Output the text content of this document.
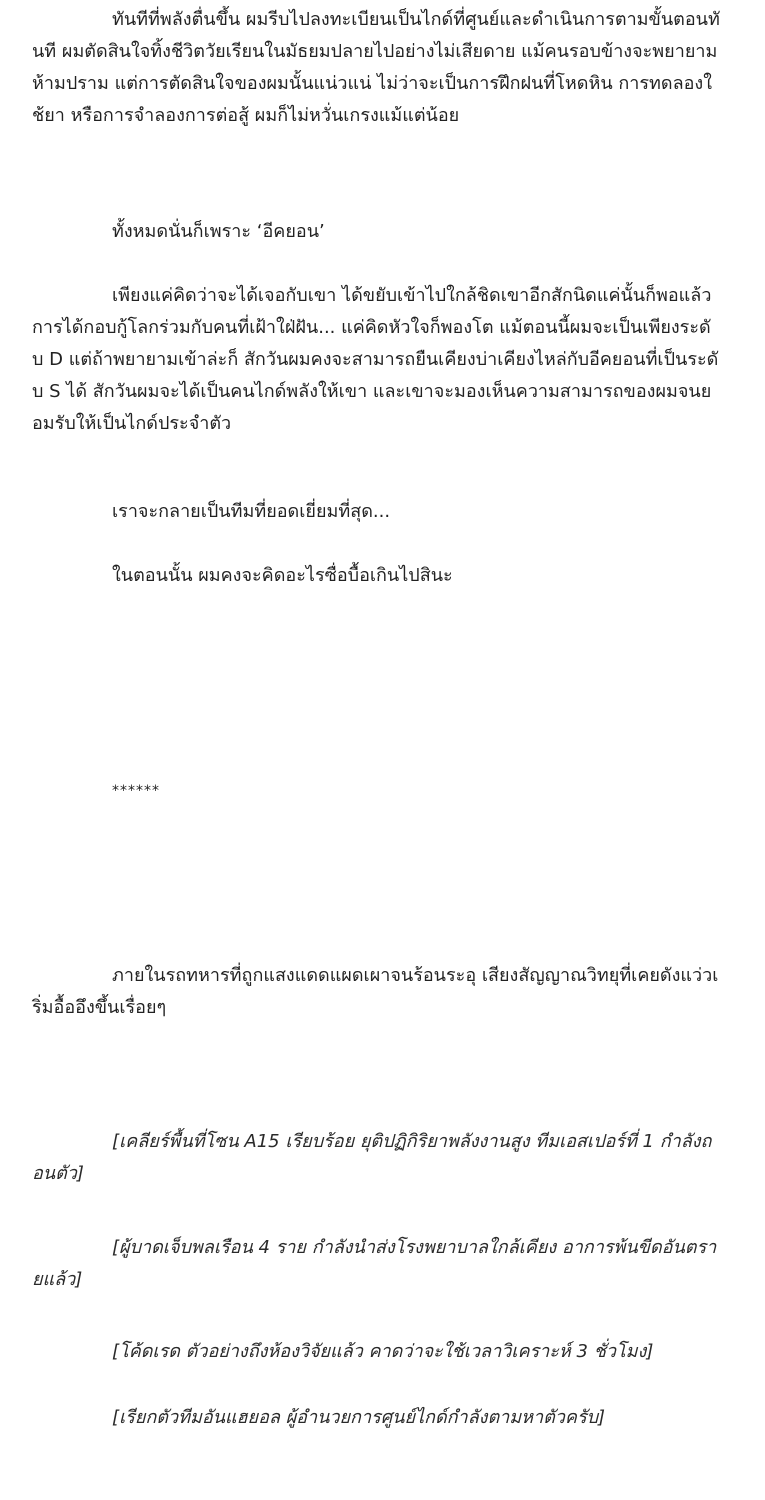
ทันทีที่พลังตื่นขึ้น ผมรีบไปลงทะเบียนเป็นไกด์ที่ศูนย์และดำเนินการตามขั้นตอนทันที ผมตัดสินใจทิ้งชีวิตวัยเรียนในมัธยมปลายไปอย่างไม่เสียดาย แม้คนรอบข้างจะพยายามห้ามปราม แต่การตัดสินใจของผมนั้นแน่วแน่ ไม่ว่าจะเป็นการฝึกฝนที่โหดหิน การทดลองใช้ยา หรือการจำลองการต่อสู้ ผมก็ไม่หวั่นเกรงแม้แต่น้อย

ทั้งหมดนั่นก็เพราะ ‘อีคยอน’

เพียงแค่คิดว่าจะได้เจอกับเขา ได้ขยับเข้าไปใกล้ชิดเขาอีกสักนิดแค่นั้นก็พอแล้ว การได้กอบกู้โลกร่วมกับคนที่เฝ้าใฝ่ฝัน... แค่คิดหัวใจก็พองโต แม้ตอนนี้ผมจะเป็นเพียงระดับ D แต่ถ้าพยายามเข้าล่ะก็ สักวันผมคงจะสามารถยืนเคียงบ่าเคียงไหล่กับอีคยอนที่เป็นระดับ S ได้ สักวันผมจะได้เป็นคนไกด์พลังให้เขา และเขาจะมองเห็นความสามารถของผมจนยอมรับให้เป็นไกด์ประจำตัว

เราจะกลายเป็นทีมที่ยอดเยี่ยมที่สุด...

ในตอนนั้น ผมคงจะคิดอะไรซื่อบื้อเกินไปสินะ

******

ภายในรถทหารที่ถูกแสงแดดแผดเผาจนร้อนระอุ เสียงสัญญาณวิทยุที่เคยดังแว่วเริ่มอื้ออึงขึ้นเรื่อยๆ

[เคลียร์พื้นที่โซน A15 เรียบร้อย ยุติปฏิกิริยาพลังงานสูง ทีมเอสเปอร์ที่ 1 กำลังถอนตัว]

[ผู้บาดเจ็บพลเรือน 4 ราย กำลังนำส่งโรงพยาบาลใกล้เคียง อาการพ้นขีดอันตรายแล้ว]

[โค้ดเรด ตัวอย่างถึงห้องวิจัยแล้ว คาดว่าจะใช้เวลาวิเคราะห์ 3 ชั่วโมง]

[เรียกตัวทีมอันแฮยอล ผู้อำนวยการศูนย์ไกด์กำลังตามหาตัวครับ]
